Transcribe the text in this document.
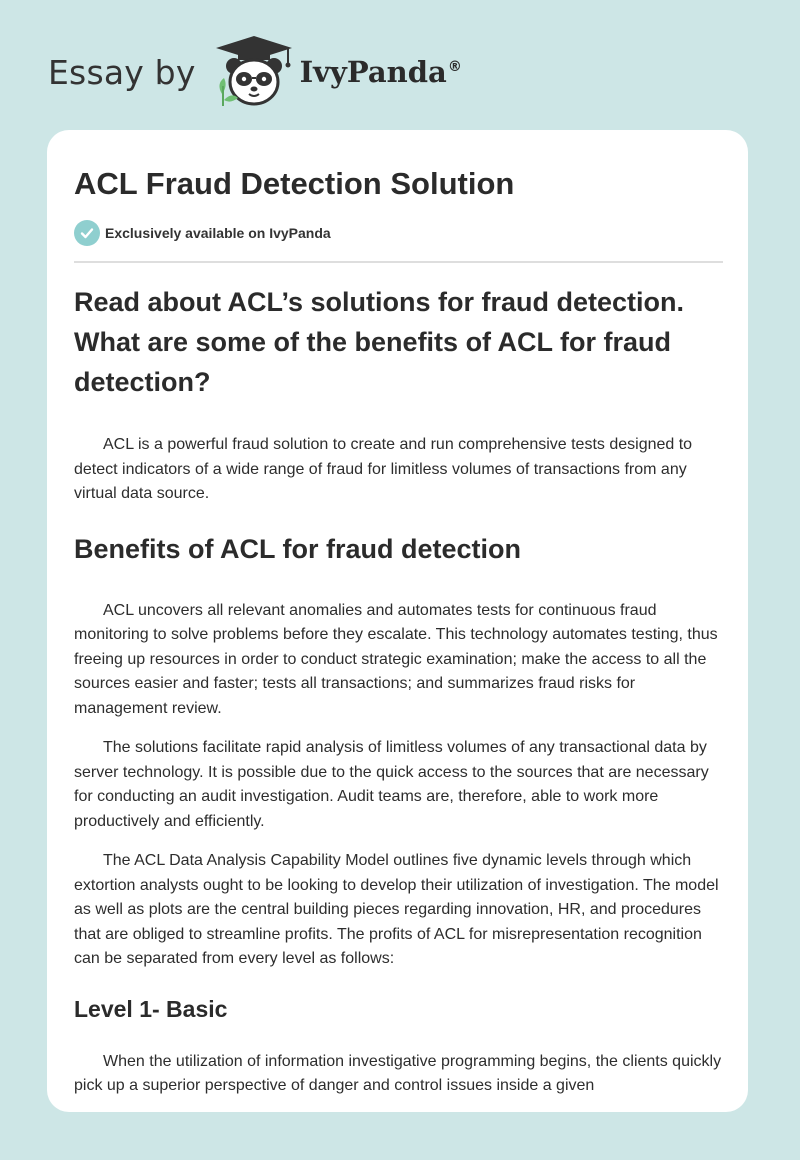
Essay by	IvyPanda®
ACL Fraud Detection Solution
Exclusively available on IvyPanda
Read about ACL’s solutions for fraud detection. What are some of the benefits of ACL for fraud detection?

ACL is a powerful fraud solution to create and run comprehensive tests designed to detect indicators of a wide range of fraud for limitless volumes of transactions from any virtual data source.

Benefits of ACL for fraud detection

ACL uncovers all relevant anomalies and automates tests for continuous fraud monitoring to solve problems before they escalate. This technology automates testing, thus freeing up resources in order to conduct strategic examination; make the access to all the sources easier and faster; tests all transactions; and summarizes fraud risks for management review.

The solutions facilitate rapid analysis of limitless volumes of any transactional data by server technology. It is possible due to the quick access to the sources that are necessary for conducting an audit investigation. Audit teams are, therefore, able to work more productively and efficiently.

The ACL Data Analysis Capability Model outlines five dynamic levels through which extortion analysts ought to be looking to develop their utilization of investigation. The model as well as plots are the central building pieces regarding innovation, HR, and procedures that are obliged to streamline profits. The profits of ACL for misrepresentation recognition can be separated from every level as follows:

Level 1- Basic

When the utilization of information investigative programming begins, the clients quickly pick up a superior perspective of danger and control issues inside a given
